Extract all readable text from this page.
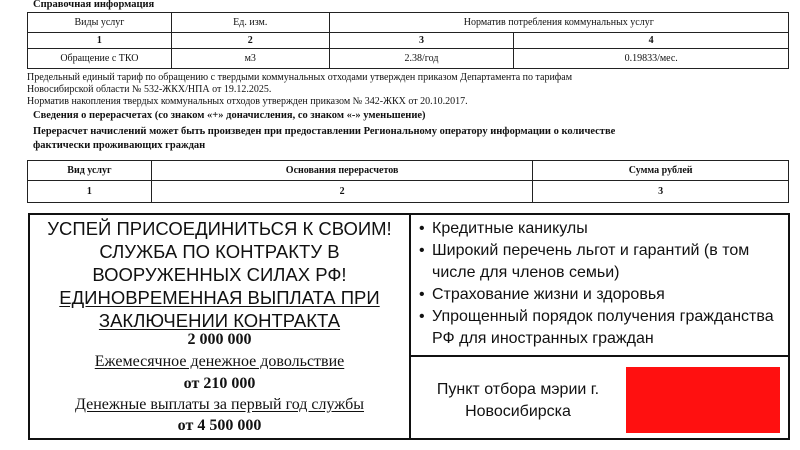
Справочная информация
Виды услуг	Ед. изм.	Норматив потребления коммунальных услуг	
1	2	3	4
Обращение с ТКО	м3	2.38/год	0.19833/мес.
Предельный единый тариф по обращению с твердыми коммунальных отходами утвержден приказом Департамента по тарифам
Новосибирской области № 532-ЖКХ/НПА от 19.12.2025.
Норматив накопления твердых коммунальных отходов утвержден приказом № 342-ЖКХ от 20.10.2017.
Сведения о перерасчетах (со знаком «+» доначисления, со знаком «-» уменьшение)
Перерасчет начислений может быть произведен при предоставлении Региональному оператору информации о количестве
фактически проживающих граждан
Вид услуг	Основания перерасчетов	Сумма рублей
1	2	3
УСПЕЙ ПРИСОЕДИНИТЬСЯ К СВОИМ!
СЛУЖБА ПО КОНТРАКТУ В
ВООРУЖЕННЫХ СИЛАХ РФ!
ЕДИНОВРЕМЕННАЯ ВЫПЛАТА ПРИ
ЗАКЛЮЧЕНИИ КОНТРАКТА
2 000 000
Ежемесячное денежное довольствие
от 210 000
Денежные выплаты за первый год службы
от 4 500 000
• Кредитные каникулы
• Широкий перечень льгот и гарантий (в том числе для членов семьи)
• Страхование жизни и здоровья
• Упрощенный порядок получения гражданства РФ для иностранных граждан
Пункт отбора мэрии г.
Новосибирска
